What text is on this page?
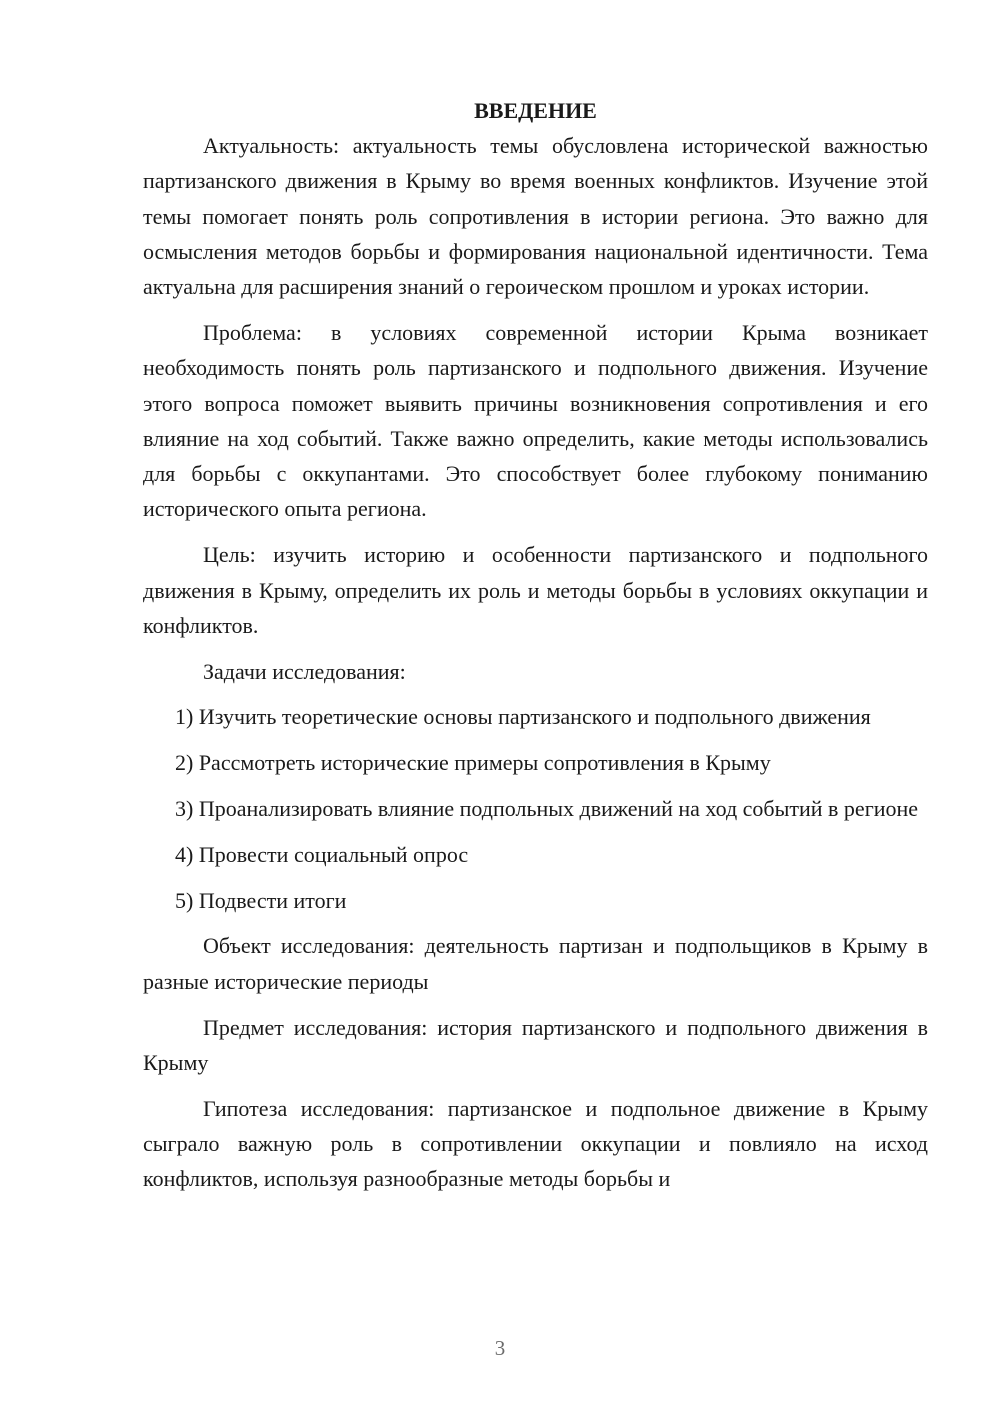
ВВЕДЕНИЕ

Актуальность: актуальность темы обусловлена исторической важностью партизанского движения в Крыму во время военных конфликтов. Изучение этой темы помогает понять роль сопротивления в истории региона. Это важно для осмысления методов борьбы и формирования национальной идентичности. Тема актуальна для расширения знаний о героическом прошлом и уроках истории.

Проблема: в условиях современной истории Крыма возникает необходимость понять роль партизанского и подпольного движения. Изучение этого вопроса поможет выявить причины возникновения сопротивления и его влияние на ход событий. Также важно определить, какие методы использовались для борьбы с оккупантами. Это способствует более глубокому пониманию исторического опыта региона.

Цель: изучить историю и особенности партизанского и подпольного движения в Крыму, определить их роль и методы борьбы в условиях оккупации и конфликтов.

Задачи исследования:

1) Изучить теоретические основы партизанского и подпольного движения

2) Рассмотреть исторические примеры сопротивления в Крыму

3) Проанализировать влияние подпольных движений на ход событий в регионе

4) Провести социальный опрос

5) Подвести итоги

Объект исследования: деятельность партизан и подпольщиков в Крыму в разные исторические периоды

Предмет исследования: история партизанского и подпольного движения в Крыму

Гипотеза исследования: партизанское и подпольное движение в Крыму сыграло важную роль в сопротивлении оккупации и повлияло на исход конфликтов, используя разнообразные методы борьбы и

3
